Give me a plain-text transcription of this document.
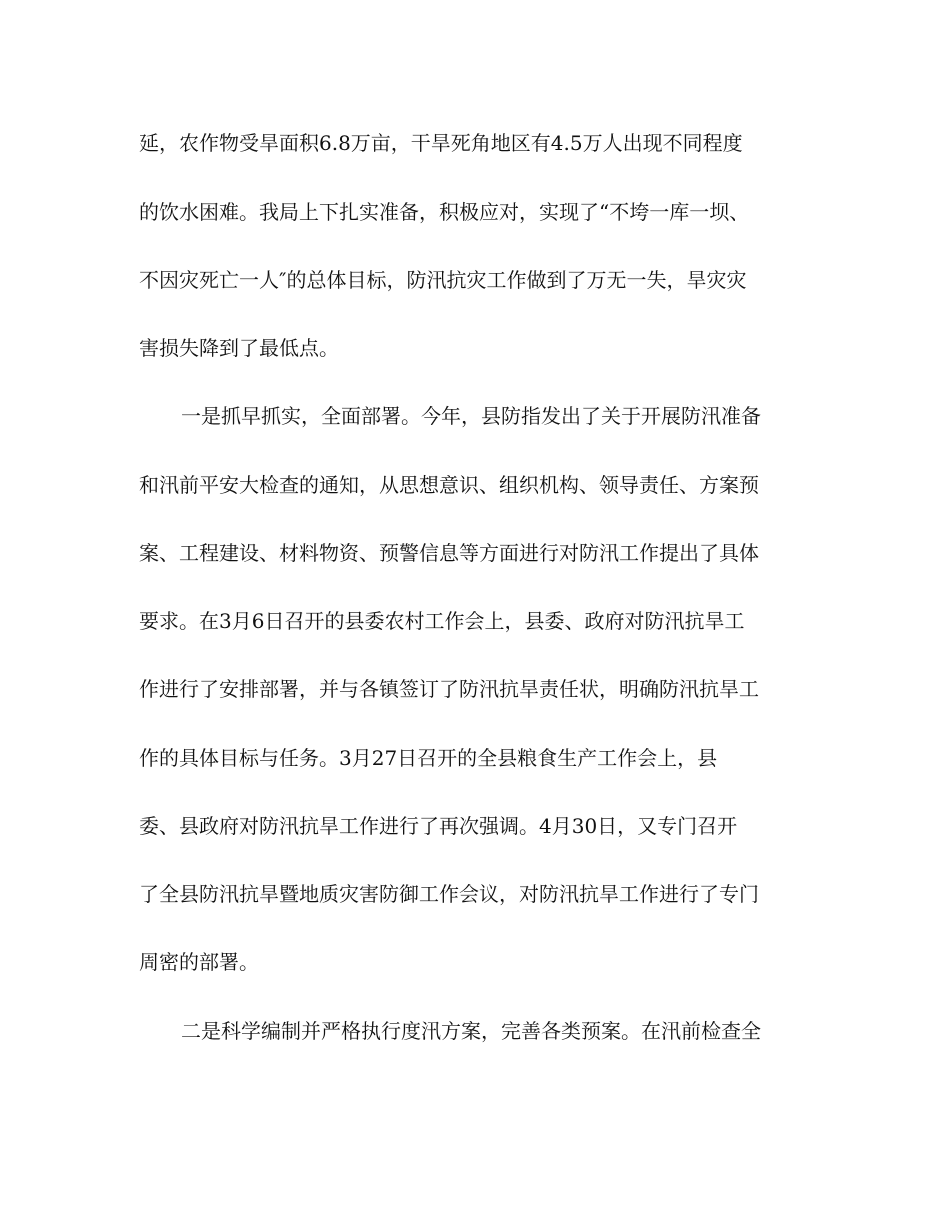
延，农作物受旱面积6.8万亩，干旱死角地区有4.5万人出现不同程度
的饮水困难。我局上下扎实准备，积极应对，实现了“不垮一库一坝、
不因灾死亡一人″的总体目标，防汛抗灾工作做到了万无一失，旱灾灾
害损失降到了最低点。
一是抓早抓实，全面部署。今年，县防指发出了关于开展防汛准备
和汛前平安大检查的通知，从思想意识、组织机构、领导责任、方案预
案、工程建设、材料物资、预警信息等方面进行对防汛工作提出了具体
要求。在3月6日召开的县委农村工作会上，县委、政府对防汛抗旱工
作进行了安排部署，并与各镇签订了防汛抗旱责任状，明确防汛抗旱工
作的具体目标与任务。3月27日召开的全县粮食生产工作会上，县
委、县政府对防汛抗旱工作进行了再次强调。4月30日，又专门召开
了全县防汛抗旱暨地质灾害防御工作会议，对防汛抗旱工作进行了专门
周密的部署。
二是科学编制并严格执行度汛方案，完善各类预案。在汛前检查全
